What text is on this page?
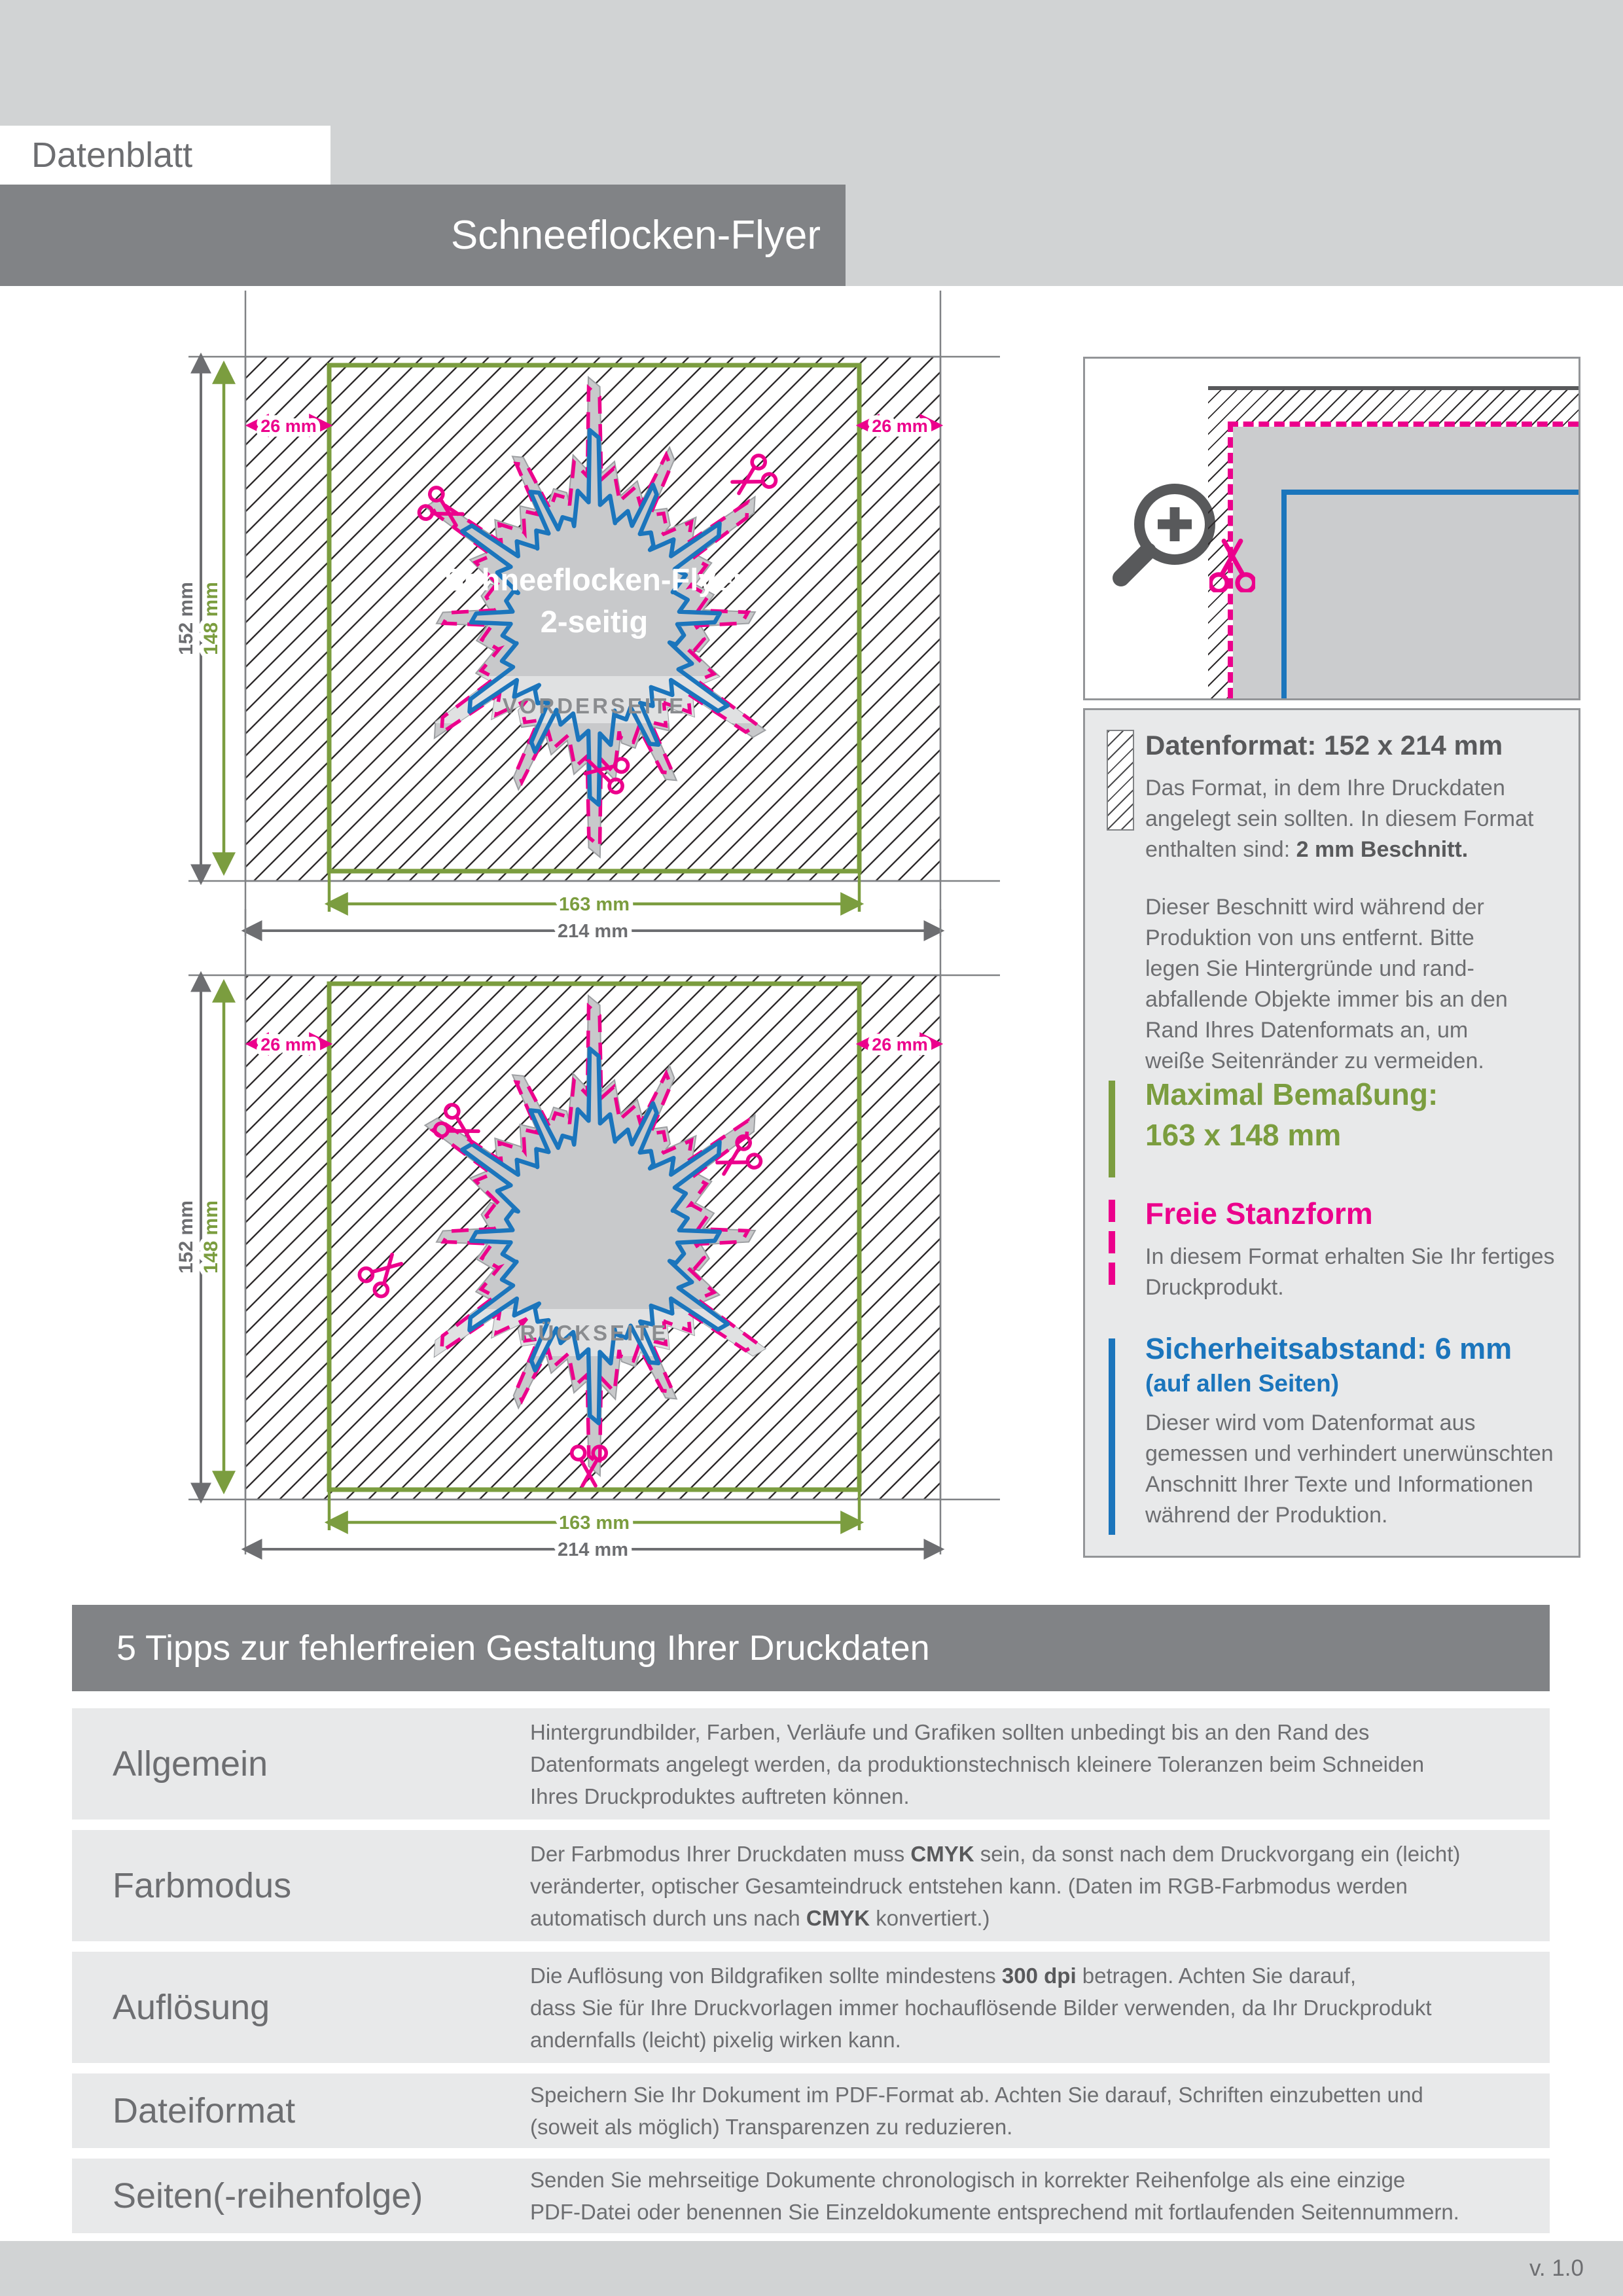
Datenblatt
Schneeflocken-Flyer
Schneeflocken-Flyer
2-seitig
VORDERSEITE
152 mm 148 mm
26 mm	26 mm
163 mm
214 mm
RÜCKSEITE
152 mm 148 mm
26 mm	26 mm
163 mm
214 mm
Datenformat: 152 x 214 mm
Das Format, in dem Ihre Druckdaten
angelegt sein sollten. In diesem Format
enthalten sind: 2 mm Beschnitt.
Dieser Beschnitt wird während der
Produktion von uns entfernt. Bitte
legen Sie Hintergründe und rand-
abfallende Objekte immer bis an den
Rand Ihres Datenformats an, um
weiße Seitenränder zu vermeiden.
Maximal Bemaßung:
163 x 148 mm
Freie Stanzform
In diesem Format erhalten Sie Ihr fertiges
Druckprodukt.
Sicherheitsabstand: 6 mm
(auf allen Seiten)
Dieser wird vom Datenformat aus
gemessen und verhindert unerwünschten
Anschnitt Ihrer Texte und Informationen
während der Produktion.
5 Tipps zur fehlerfreien Gestaltung Ihrer Druckdaten
Allgemein
Hintergrundbilder, Farben, Verläufe und Grafiken sollten unbedingt bis an den Rand des
Datenformats angelegt werden, da produktionstechnisch kleinere Toleranzen beim Schneiden
Ihres Druckproduktes auftreten können.
Farbmodus
Der Farbmodus Ihrer Druckdaten muss CMYK sein, da sonst nach dem Druckvorgang ein (leicht)
veränderter, optischer Gesamteindruck entstehen kann. (Daten im RGB-Farbmodus werden
automatisch durch uns nach CMYK konvertiert.)
Auflösung
Die Auflösung von Bildgrafiken sollte mindestens 300 dpi betragen. Achten Sie darauf,
dass Sie für Ihre Druckvorlagen immer hochauflösende Bilder verwenden, da Ihr Druckprodukt
andernfalls (leicht) pixelig wirken kann.
Dateiformat	Speichern Sie Ihr Dokument im PDF-Format ab. Achten Sie darauf, Schriften einzubetten und
(soweit als möglich) Transparenzen zu reduzieren.
Seiten(-reihenfolge)	Senden Sie mehrseitige Dokumente chronologisch in korrekter Reihenfolge als eine einzige
PDF-Datei oder benennen Sie Einzeldokumente entsprechend mit fortlaufenden Seitennummern.
v. 1.0
